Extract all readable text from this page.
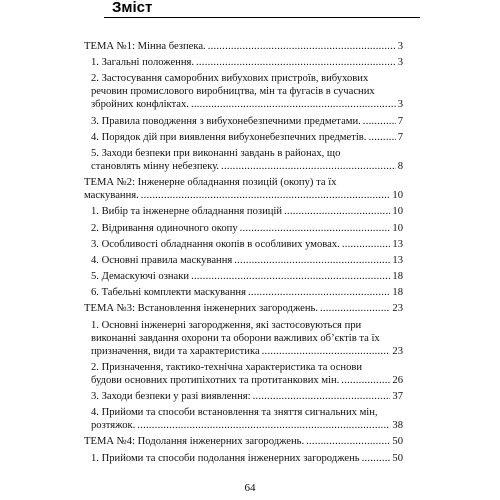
Зміст
ТЕМА №1: Мінна безпека. . . .	3
1. Загальні положення. . . .	3
2. Застосування саморобних вибухових пристроїв, вибухових
речовин промислового виробництва, мін та фугасів в сучасних
збройних конфліктах. . . .	3
3. Правила поводження з вибухонебезпечними предметами. . . .	7
4. Порядок дій при виявлення вибухонебезпечних предметів. . . .	7
5. Заходи безпеки при виконанні завдань в районах, що
становлять мінну небезпеку. . . .	8
ТЕМА №2: Інженерне обладнання позицій (окопу) та їх
маскування. . . .	10
1. Вибір та інженерне обладнання позицій . . .	10
2. Відривання одиночного окопу . . .	10
3. Особливості обладнання окопів в особливих умовах. . . .	13
4. Основні правила маскування . . .	13
5. Демаскуючі ознаки . . .	18
6. Табельні комплекти маскування . . .	18
ТЕМА №3: Встановлення інженерних загороджень. . . .	23
1. Основні інженерні загородження, які застосовуються при
виконанні завдання охорони та оборони важливих об’єктів та їх
призначення, види та характеристика . . .	23
2. Призначення, тактико-технічна характеристика та основи
будови основних протипіхотних та протитанкових мін. . . .	26
3. Заходи безпеки у разі виявлення: . . .	37
4. Прийоми та способи встановлення та зняття сигнальних мін,
розтяжок. . . .	38
ТЕМА №4: Подолання інженерних загороджень. . . .	50
1. Прийоми та способи подолання інженерних загороджень . . .	50
64
